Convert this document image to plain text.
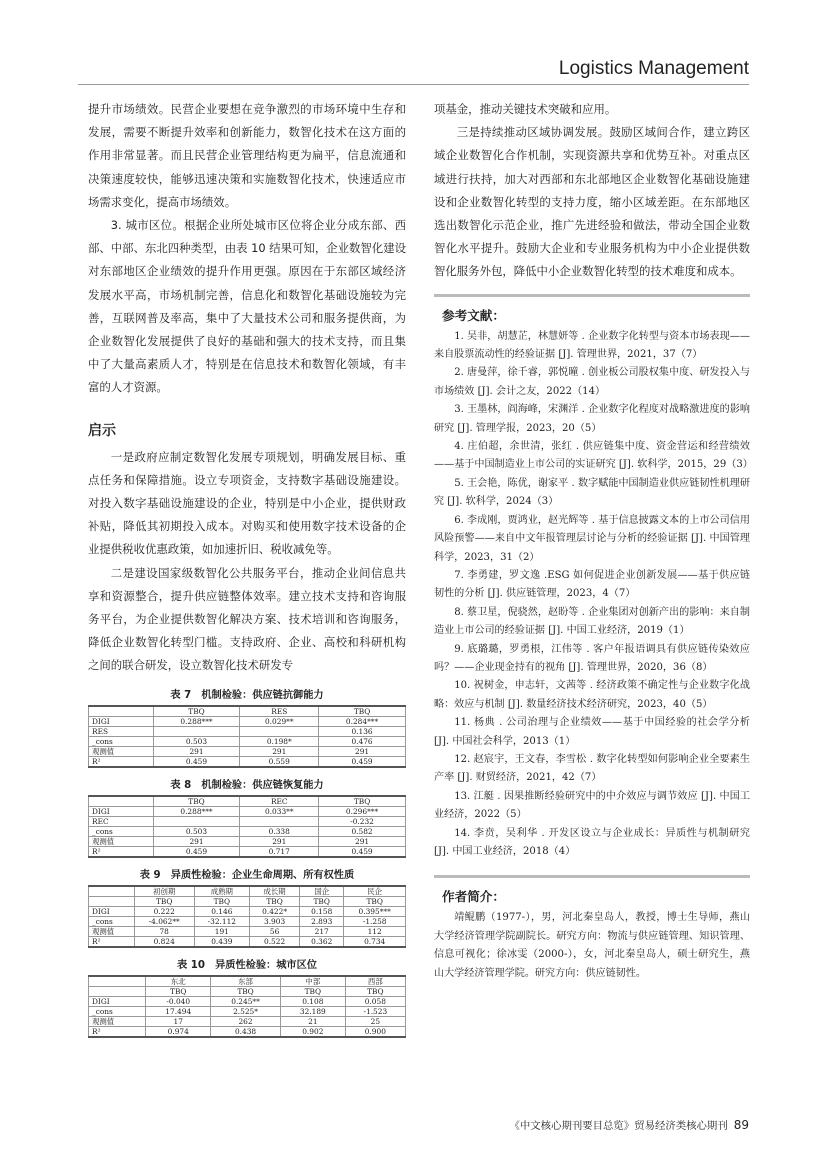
Logistics Management

提升市场绩效。民营企业要想在竞争激烈的市场环境中生存和发展，需要不断提升效率和创新能力，数智化技术在这方面的作用非常显著。而且民营企业管理结构更为扁平，信息流通和决策速度较快，能够迅速决策和实施数智化技术，快速适应市场需求变化，提高市场绩效。

3. 城市区位。根据企业所处城市区位将企业分成东部、西部、中部、东北四种类型，由表 10 结果可知，企业数智化建设对东部地区企业绩效的提升作用更强。原因在于东部区域经济发展水平高，市场机制完善，信息化和数智化基础设施较为完善，互联网普及率高，集中了大量技术公司和服务提供商，为企业数智化发展提供了良好的基础和强大的技术支持，而且集中了大量高素质人才，特别是在信息技术和数智化领域，有丰富的人才资源。

启示

一是政府应制定数智化发展专项规划，明确发展目标、重点任务和保障措施。设立专项资金，支持数字基础设施建设。对投入数字基础设施建设的企业，特别是中小企业，提供财政补贴，降低其初期投入成本。对购买和使用数字技术设备的企业提供税收优惠政策，如加速折旧、税收减免等。

二是建设国家级数智化公共服务平台，推动企业间信息共享和资源整合，提升供应链整体效率。建立技术支持和咨询服务平台，为企业提供数智化解决方案、技术培训和咨询服务，降低企业数智化转型门槛。支持政府、企业、高校和科研机构之间的联合研发，设立数智化技术研发专

表 7　机制检验：供应链抗御能力
	TBQ	RES	TBQ
DIGI	0.288***	0.029**	0.284***
RES			0.136
_cons	0.503	0.198*	0.476
观测值	291	291	291
R²	0.459	0.559	0.459
表 8　机制检验：供应链恢复能力
	TBQ	REC	TBQ
DIGI	0.288***	0.033**	0.296***
REC			-0.232
_cons	0.503	0.338	0.582
观测值	291	291	291
R²	0.459	0.717	0.459
表 9　异质性检验：企业生命周期、所有权性质
	初创期	成熟期	成长期	国企	民企
	TBQ	TBQ	TBQ	TBQ	TBQ
DIGI	0.222	0.146	0.422*	0.158	0.395***
_cons	-4.062**	-32.112	3.903	2.893	-1.258
观测值	78	191	56	217	112
R²	0.824	0.439	0.522	0.362	0.734
表 10　异质性检验：城市区位
	东北	东部	中部	西部
	TBQ	TBQ	TBQ	TBQ
DIGI	-0.040	0.245**	0.108	0.058
_cons	17.494	2.525*	32.189	-1.523
观测值	17	262	21	25
R²	0.974	0.438	0.902	0.900

项基金，推动关键技术突破和应用。

三是持续推动区域协调发展。鼓励区域间合作，建立跨区域企业数智化合作机制，实现资源共享和优势互补。对重点区域进行扶持，加大对西部和东北部地区企业数智化基础设施建设和企业数智化转型的支持力度，缩小区域差距。在东部地区选出数智化示范企业，推广先进经验和做法，带动全国企业数智化水平提升。鼓励大企业和专业服务机构为中小企业提供数智化服务外包，降低中小企业数智化转型的技术难度和成本。

参考文献：

1. 吴非，胡慧芷，林慧妍等 . 企业数字化转型与资本市场表现——来自股票流动性的经验证据 [J]. 管理世界，2021，37（7）

2. 唐曼萍，徐千睿，郭悦曈 . 创业板公司股权集中度、研发投入与市场绩效 [J]. 会计之友，2022（14）

3. 王墨林，阎海峰，宋渊洋 . 企业数字化程度对战略激进度的影响研究 [J]. 管理学报，2023，20（5）

4. 庄伯超，余世清，张红 . 供应链集中度、资金营运和经营绩效——基于中国制造业上市公司的实证研究 [J]. 软科学，2015，29（3）

5. 王会艳，陈优，谢家平 . 数字赋能中国制造业供应链韧性机理研究 [J]. 软科学，2024（3）

6. 李成刚，贾鸿业，赵光辉等 . 基于信息披露文本的上市公司信用风险预警——来自中文年报管理层讨论与分析的经验证据 [J]. 中国管理科学，2023，31（2）

7. 李勇建，罗文逸 .ESG 如何促进企业创新发展——基于供应链韧性的分析 [J]. 供应链管理，2023，4（7）

8. 蔡卫星，倪骁然，赵盼等 . 企业集团对创新产出的影响：来自制造业上市公司的经验证据 [J]. 中国工业经济，2019（1）

9. 底璐璐，罗勇根，江伟等 . 客户年报语调具有供应链传染效应吗？——企业现金持有的视角 [J]. 管理世界，2020，36（8）

10. 祝树金，申志轩，文茜等 . 经济政策不确定性与企业数字化战略：效应与机制 [J]. 数量经济技术经济研究，2023，40（5）

11. 杨典 . 公司治理与企业绩效——基于中国经验的社会学分析 [J]. 中国社会科学，2013（1）

12. 赵宸宇，王文春，李雪松 . 数字化转型如何影响企业全要素生产率 [J]. 财贸经济，2021，42（7）

13. 江艇 . 因果推断经验研究中的中介效应与调节效应 [J]. 中国工业经济，2022（5）

14. 李贲，吴利华 . 开发区设立与企业成长：异质性与机制研究 [J]. 中国工业经济，2018（4）

作者简介：

靖鲲鹏（1977-），男，河北秦皇岛人，教授，博士生导师，燕山大学经济管理学院副院长。研究方向：物流与供应链管理、知识管理、信息可视化；徐冰雯（2000-），女，河北秦皇岛人，硕士研究生，燕山大学经济管理学院。研究方向：供应链韧性。

《中文核心期刊要目总览》贸易经济类核心期刊 89
